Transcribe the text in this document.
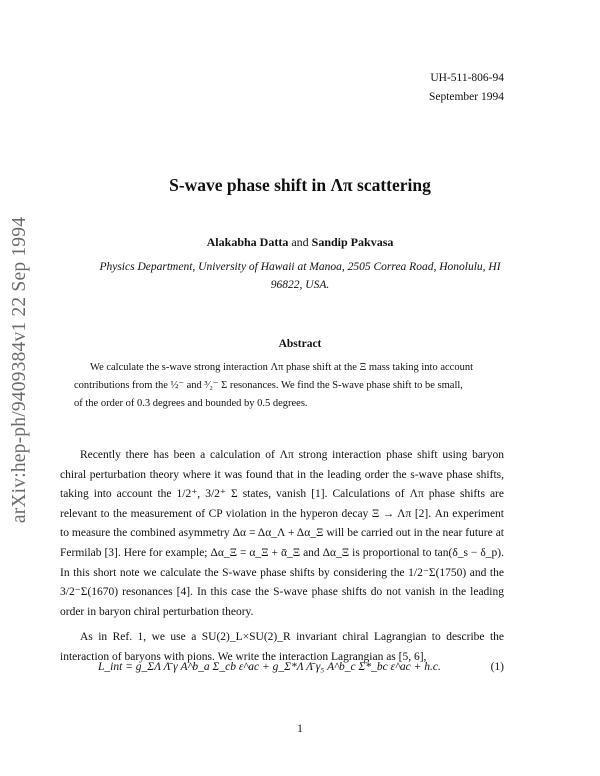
arXiv:hep-ph/9409384v1 22 Sep 1994
UH-511-806-94
September 1994
S-wave phase shift in Λπ scattering
Alakabha Datta and Sandip Pakvasa
Physics Department, University of Hawaii at Manoa, 2505 Correa Road, Honolulu, HI
96822, USA.
Abstract

We calculate the s-wave strong interaction Λπ phase shift at the Ξ mass taking into account contributions from the ½⁻ and ³⁄₂⁻ Σ resonances. We find the S-wave phase shift to be small, of the order of 0.3 degrees and bounded by 0.5 degrees.

Recently there has been a calculation of Λπ strong interaction phase shift using baryon chiral perturbation theory where it was found that in the leading order the s-wave phase shifts, taking into account the 1/2⁺, 3/2⁺ Σ states, vanish [1]. Calculations of Λπ phase shifts are relevant to the measurement of CP violation in the hyperon decay Ξ → Λπ [2]. An experiment to measure the combined asymmetry Δα = Δα_Λ + Δα_Ξ will be carried out in the near future at Fermilab [3]. Here for example; Δα_Ξ = α_Ξ + ᾱ_Ξ and Δα_Ξ is proportional to tan(δ_s − δ_p). In this short note we calculate the S-wave phase shifts by considering the 1/2⁻Σ(1750) and the 3/2⁻Σ(1670) resonances [4]. In this case the S-wave phase shifts do not vanish in the leading order in baryon chiral perturbation theory.

As in Ref. 1, we use a SU(2)_L×SU(2)_R invariant chiral Lagrangian to describe the interaction of baryons with pions. We write the interaction Lagrangian as [5, 6],

L_int = g_ΣΛ Λ̄ γ A^b_a Σ_cb ε^ac + g_Σ*Λ Λ̄ γ₅ A^b_c Σ*_bc ε^ac + h.c.	(1)
1
